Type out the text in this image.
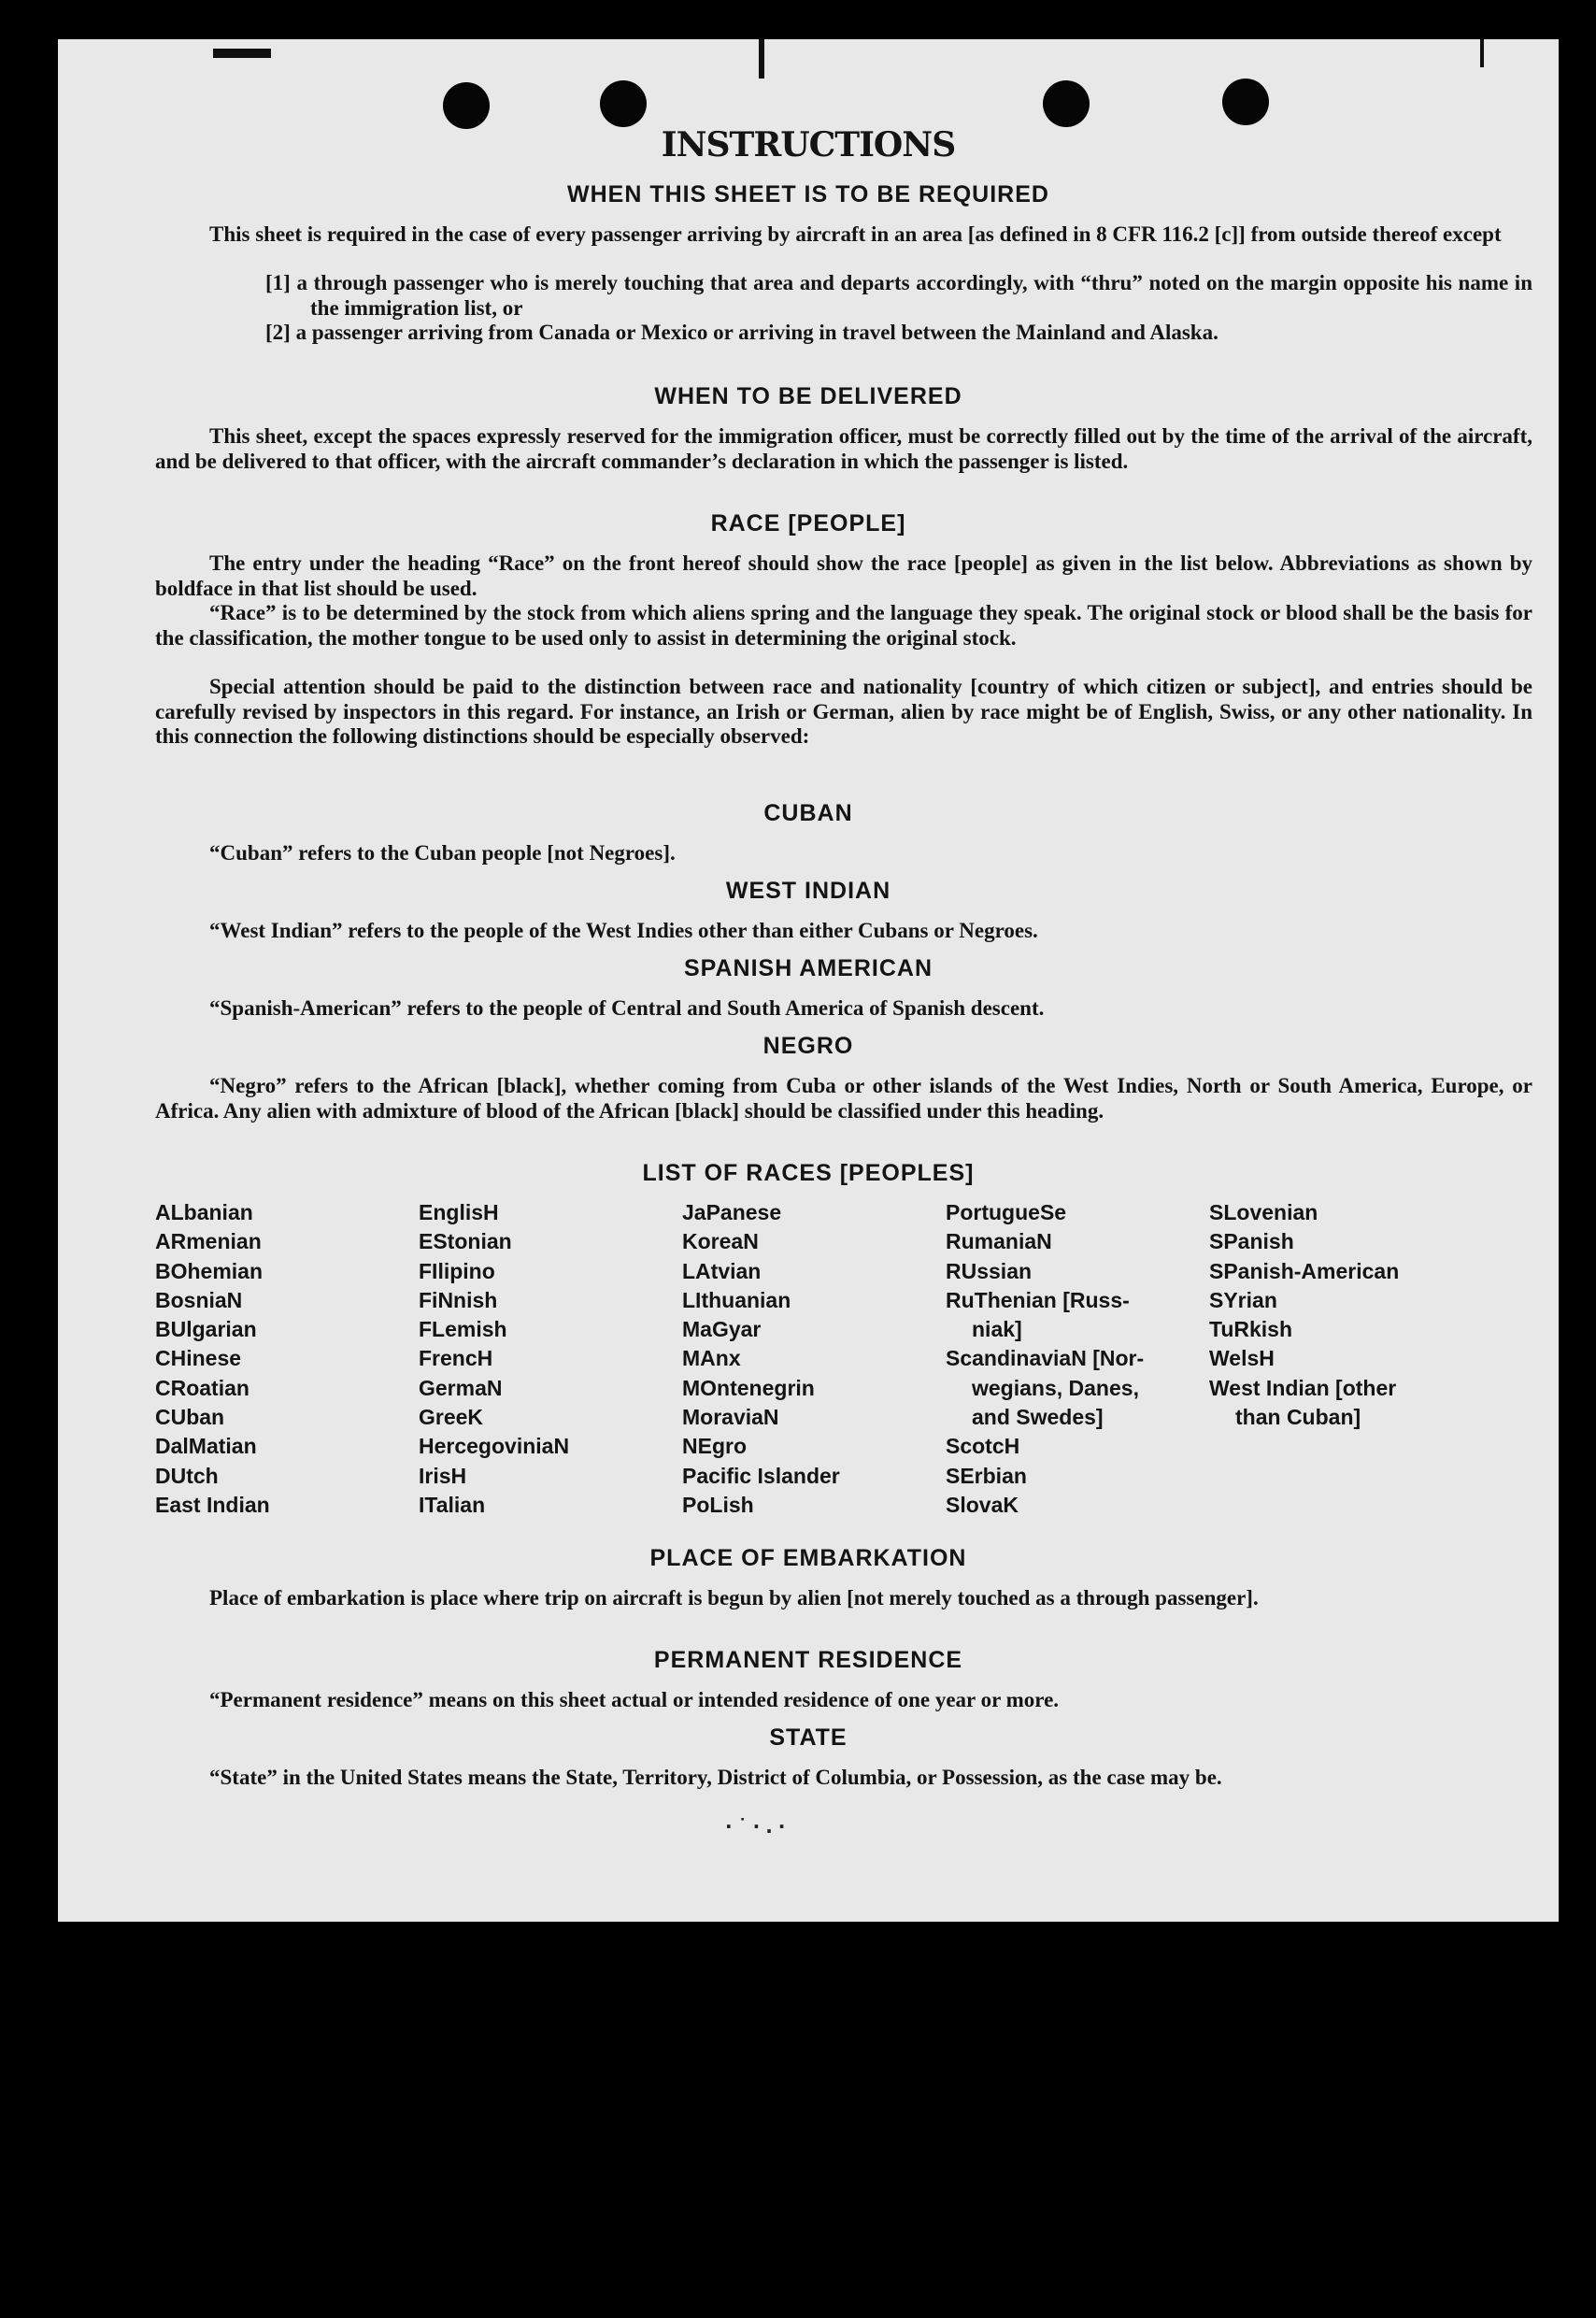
INSTRUCTIONS
WHEN THIS SHEET IS TO BE REQUIRED
This sheet is required in the case of every passenger arriving by aircraft in an area [as defined in 8 CFR 116.2 [c]] from outside thereof except
[1] a through passenger who is merely touching that area and departs accordingly, with “thru” noted on the margin opposite his name in the immigration list, or
[2] a passenger arriving from Canada or Mexico or arriving in travel between the Mainland and Alaska.
WHEN TO BE DELIVERED
This sheet, except the spaces expressly reserved for the immigration officer, must be correctly filled out by the time of the arrival of the aircraft, and be delivered to that officer, with the aircraft commander’s declaration in which the passenger is listed.
RACE [PEOPLE]
The entry under the heading “Race” on the front hereof should show the race [people] as given in the list below. Abbreviations as shown by boldface in that list should be used.
“Race” is to be determined by the stock from which aliens spring and the language they speak. The original stock or blood shall be the basis for the classification, the mother tongue to be used only to assist in determining the original stock.
Special attention should be paid to the distinction between race and nationality [country of which citizen or subject], and entries should be carefully revised by inspectors in this regard. For instance, an Irish or German, alien by race might be of English, Swiss, or any other nationality. In this connection the following distinctions should be especially observed:
CUBAN
“Cuban” refers to the Cuban people [not Negroes].
WEST INDIAN
“West Indian” refers to the people of the West Indies other than either Cubans or Negroes.
SPANISH AMERICAN
“Spanish-American” refers to the people of Central and South America of Spanish descent.
NEGRO
“Negro” refers to the African [black], whether coming from Cuba or other islands of the West Indies, North or South America, Europe, or Africa. Any alien with admixture of blood of the African [black] should be classified under this heading.
LIST OF RACES [PEOPLES]
ALbanian
ARmenian
BOhemian
BosniaN
BUlgarian
CHinese
CRoatian
CUban
DalMatian
DUtch
East Indian
EnglisH
EStonian
FIlipino
FiNnish
FLemish
FrencH
GermaN
GreeK
HercegoviniaN
IrisH
ITalian
JaPanese
KoreaN
LAtvian
LIthuanian
MaGyar
MAnx
MOntenegrin
MoraviaN
NEgro
Pacific Islander
PoLish
PortugueSe
RumaniaN
RUssian
RuThenian [Russ-
niak]
ScandinaviaN [Nor-
wegians, Danes,
and Swedes]
ScotcH
SErbian
SlovaK
SLovenian
SPanish
SPanish-American
SYrian
TuRkish
WelsH
West Indian [other
than Cuban]
PLACE OF EMBARKATION
Place of embarkation is place where trip on aircraft is begun by alien [not merely touched as a through passenger].
PERMANENT RESIDENCE
“Permanent residence” means on this sheet actual or intended residence of one year or more.
STATE
“State” in the United States means the State, Territory, District of Columbia, or Possession, as the case may be.
·˙·.·
